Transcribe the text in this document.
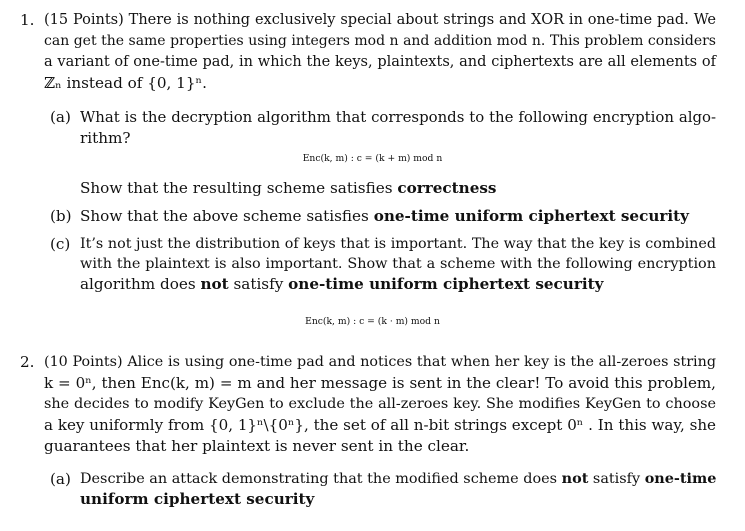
1. (15 Points) There is nothing exclusively special about strings and XOR in one-time pad. We
can get the same properties using integers mod n and addition mod n. This problem considers
a variant of one-time pad, in which the keys, plaintexts, and ciphertexts are all elements of
ℤₙ instead of {0, 1}ⁿ.
(a) What is the decryption algorithm that corresponds to the following encryption algo-
rithm?
Enc(k, m) : c = (k + m) mod n
Show that the resulting scheme satisfies correctness
(b) Show that the above scheme satisfies one-time uniform ciphertext security
(c) It’s not just the distribution of keys that is important. The way that the key is combined
with the plaintext is also important. Show that a scheme with the following encryption
algorithm does not satisfy one-time uniform ciphertext security
Enc(k, m) : c = (k · m) mod n
2. (10 Points) Alice is using one-time pad and notices that when her key is the all-zeroes string
k = 0ⁿ, then Enc(k, m) = m and her message is sent in the clear! To avoid this problem,
she decides to modify KeyGen to exclude the all-zeroes key. She modifies KeyGen to choose
a key uniformly from {0, 1}ⁿ\{0ⁿ}, the set of all n-bit strings except 0ⁿ . In this way, she
guarantees that her plaintext is never sent in the clear.
(a) Describe an attack demonstrating that the modified scheme does not satisfy one-time
uniform ciphertext security
